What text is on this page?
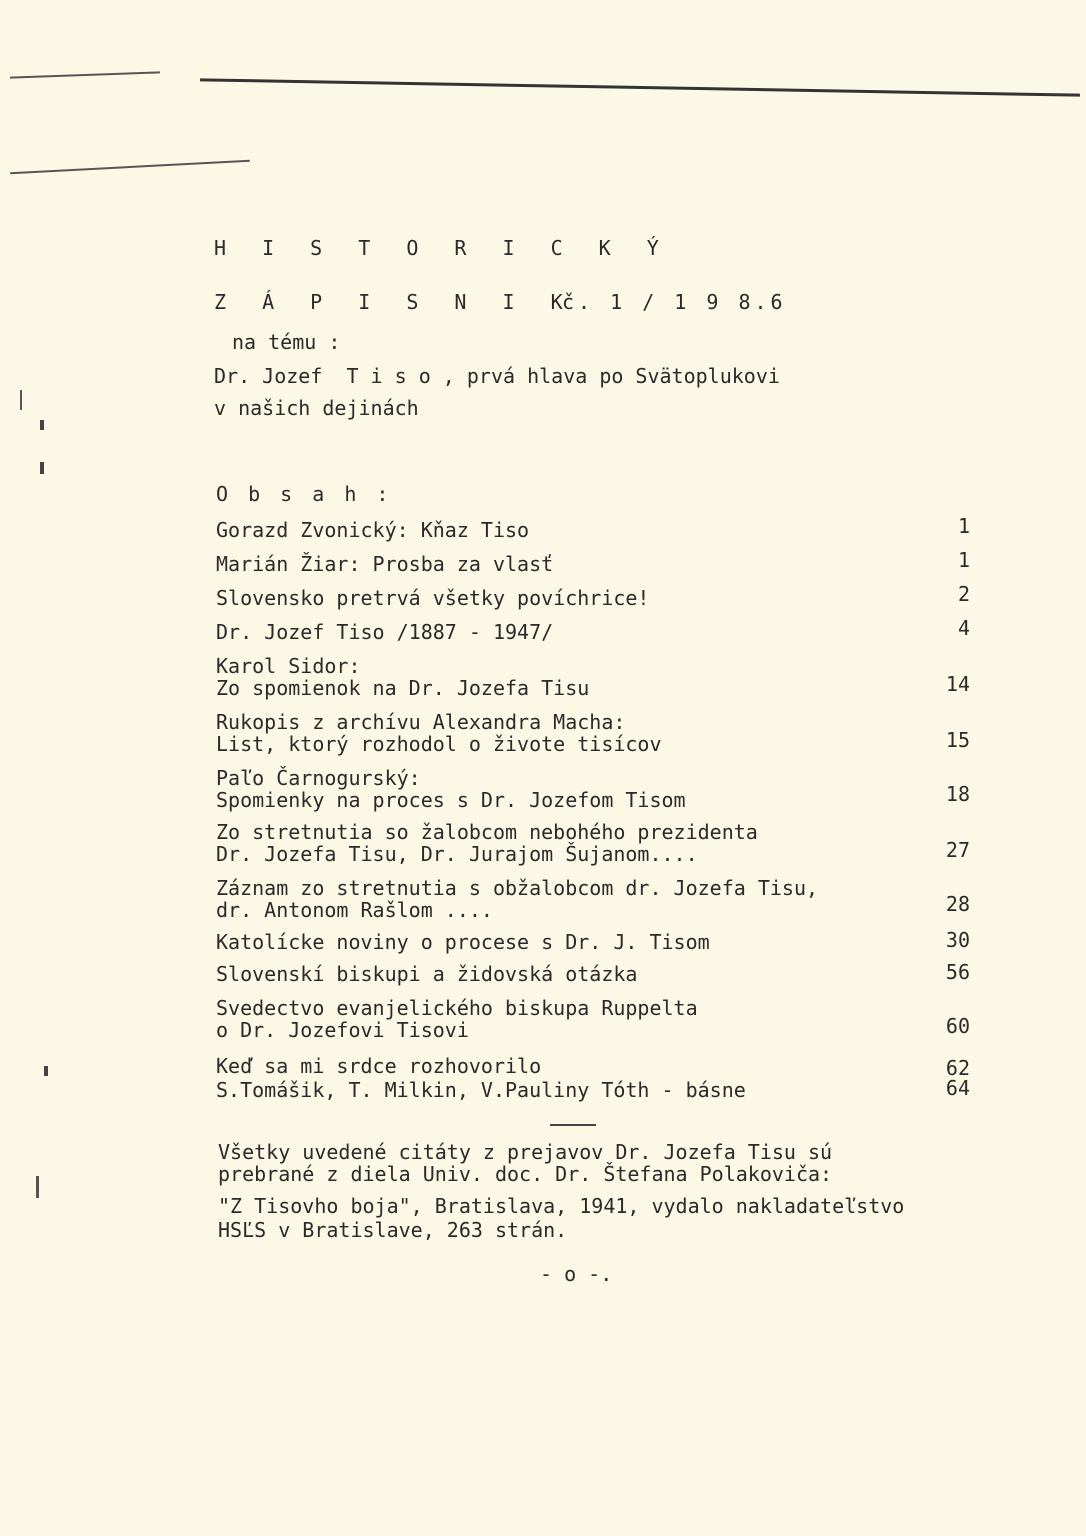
H I S T O R I C K Ý
Z Á P I S N I K
č. 1 / 1 9 8.6
na tému :
Dr. Jozef  T i s o , prvá hlava po Svätoplukovi
v našich dejinách
O b s a h :
Gorazd Zvonický: Kňaz Tiso	1
Marián Žiar: Prosba za vlasť	1
Slovensko pretrvá všetky povíchrice!	2
Dr. Jozef Tiso /1887 - 1947/	4
Karol Sidor:
Zo spomienok na Dr. Jozefa Tisu	14
Rukopis z archívu Alexandra Macha:
List, ktorý rozhodol o živote tisícov	15
Paľo Čarnogurský:
Spomienky na proces s Dr. Jozefom Tisom	18
Zo stretnutia so žalobcom nebohého prezidenta
Dr. Jozefa Tisu, Dr. Jurajom Šujanom....	27
Záznam zo stretnutia s obžalobcom dr. Jozefa Tisu,
dr. Antonom Rašlom ....	28
Katolícke noviny o procese s Dr. J. Tisom	30
Slovenskí biskupi a židovská otázka	56
Svedectvo evanjelického biskupa Ruppelta
o Dr. Jozefovi Tisovi	60
Keď sa mi srdce rozhovorilo	62
S.Tomášik, T. Milkin, V.Pauliny Tóth - básne	64
Všetky uvedené citáty z prejavov Dr. Jozefa Tisu sú
prebrané z diela Univ. doc. Dr. Štefana Polakoviča:
"Z Tisovho boja", Bratislava, 1941, vydalo nakladateľstvo
HSĽS v Bratislave, 263 strán.
- o -.
